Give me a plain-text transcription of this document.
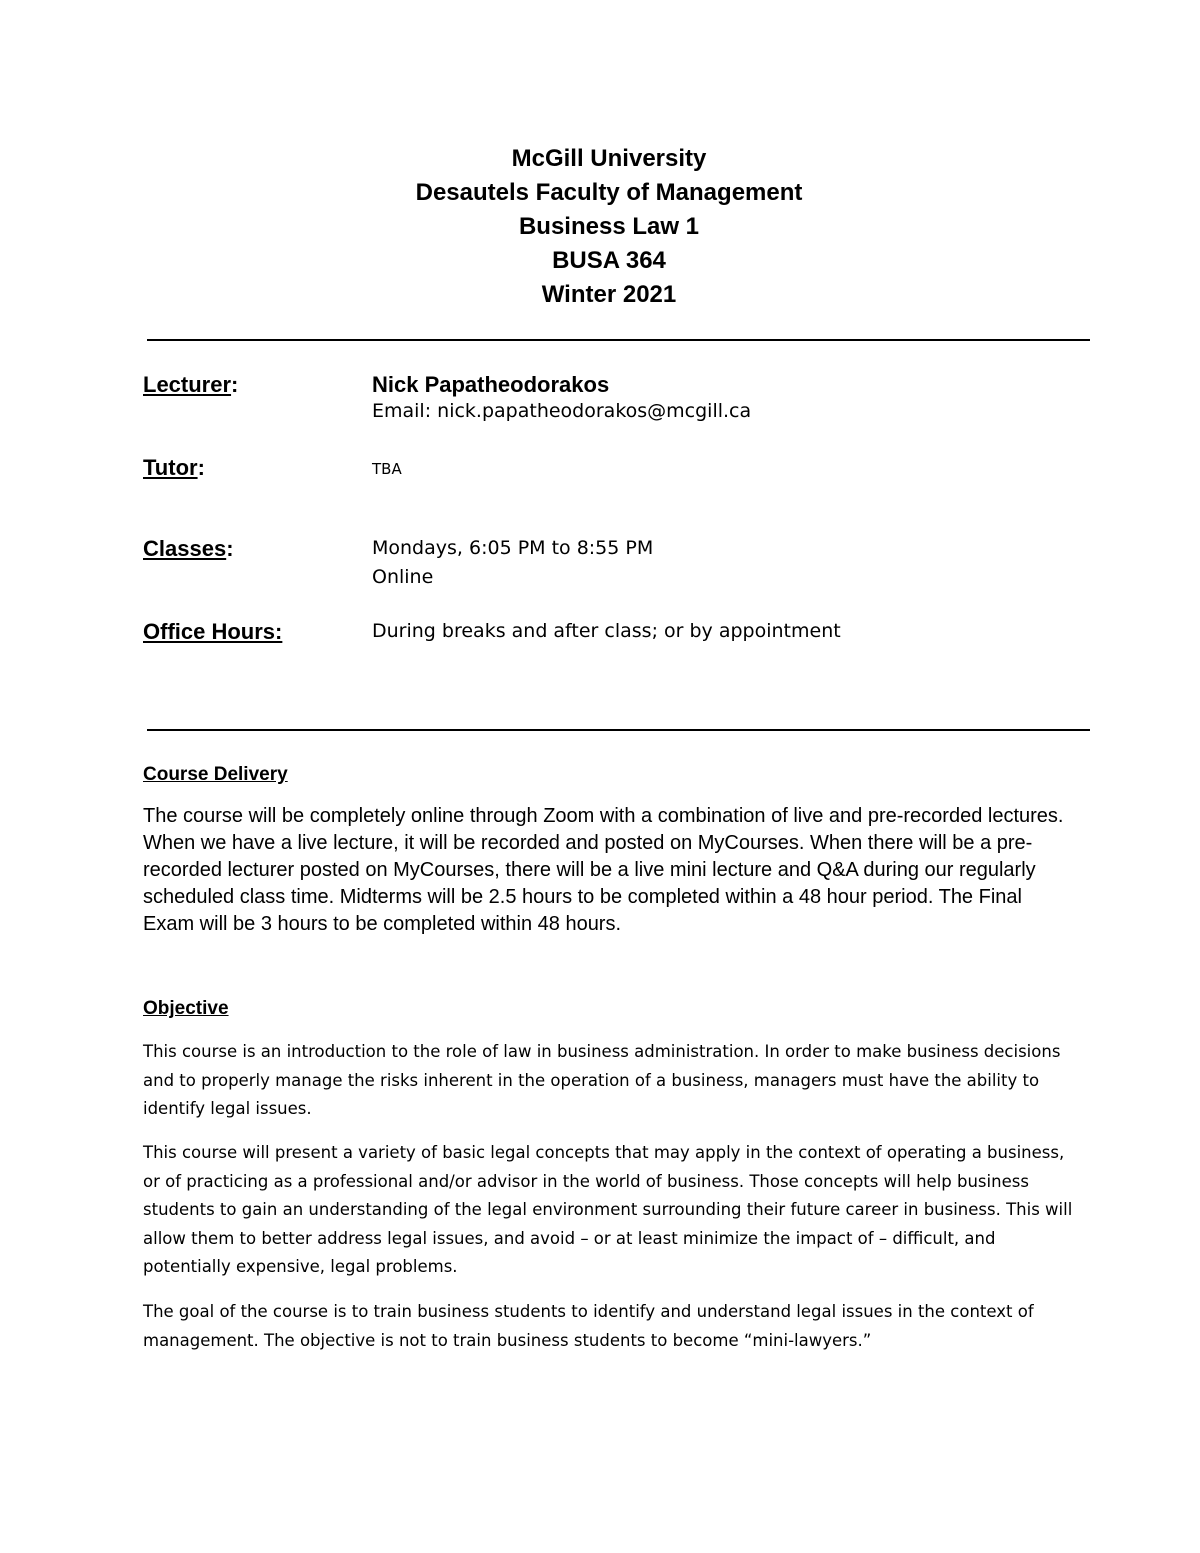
McGill University
Desautels Faculty of Management
Business Law 1
BUSA 364
Winter 2021
Lecturer:	Nick Papatheodorakos
Email: nick.papatheodorakos@mcgill.ca
Tutor:	TBA
Classes:	Mondays, 6:05 PM to 8:55 PM
Online
Office Hours:	During breaks and after class; or by appointment
Course Delivery
The course will be completely online through Zoom with a combination of live and pre-recorded lectures. When we have a live lecture, it will be recorded and posted on MyCourses. When there will be a pre-recorded lecturer posted on MyCourses, there will be a live mini lecture and Q&A during our regularly scheduled class time. Midterms will be 2.5 hours to be completed within a 48 hour period. The Final Exam will be 3 hours to be completed within 48 hours.
Objective
This course is an introduction to the role of law in business administration. In order to make business decisions and to properly manage the risks inherent in the operation of a business, managers must have the ability to identify legal issues.
This course will present a variety of basic legal concepts that may apply in the context of operating a business, or of practicing as a professional and/or advisor in the world of business. Those concepts will help business students to gain an understanding of the legal environment surrounding their future career in business. This will allow them to better address legal issues, and avoid – or at least minimize the impact of – difficult, and potentially expensive, legal problems.
The goal of the course is to train business students to identify and understand legal issues in the context of management. The objective is not to train business students to become “mini-lawyers.”
